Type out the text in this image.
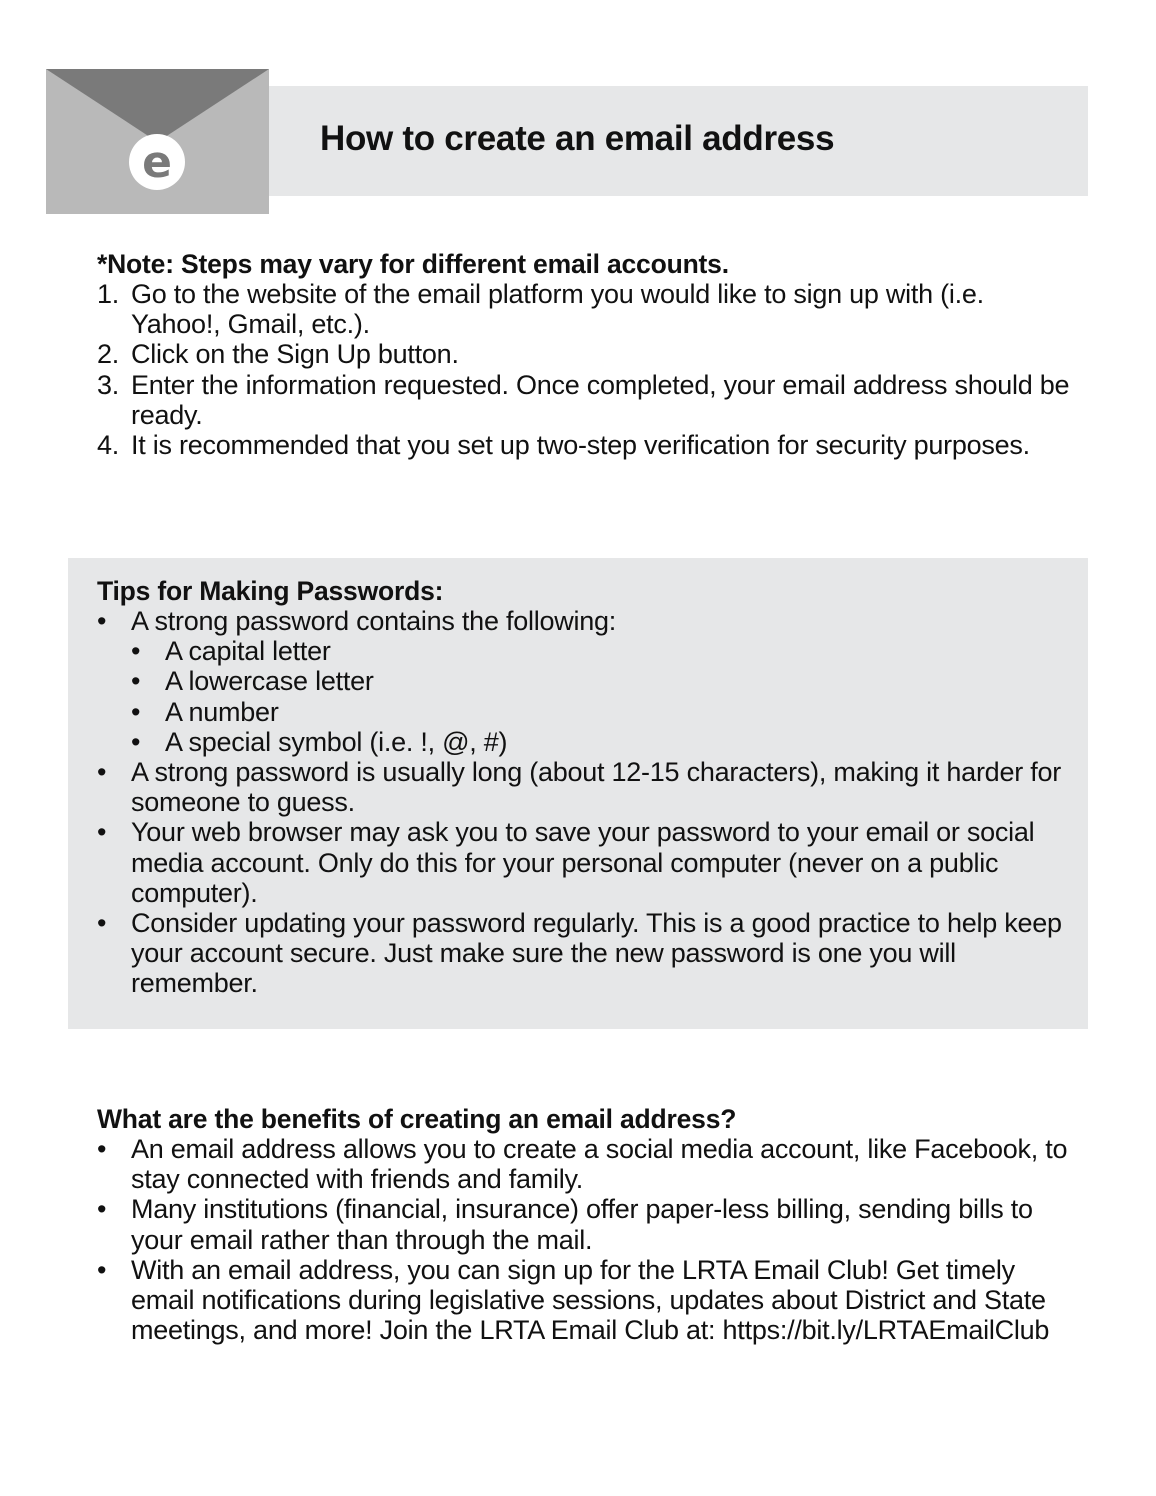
e	How to create an email address

*Note: Steps may vary for different email accounts.

1. Go to the website of the email platform you would like to sign up with (i.e. Yahoo!, Gmail, etc.).
2. Click on the Sign Up button.
3. Enter the information requested. Once completed, your email address should be ready.
4. It is recommended that you set up two-step verification for security purposes.

Tips for Making Passwords:

• A strong password contains the following:
• A capital letter
• A lowercase letter
• A number
• A special symbol (i.e. !, @, #)
• A strong password is usually long (about 12-15 characters), making it harder for someone to guess.
• Your web browser may ask you to save your password to your email or social media account. Only do this for your personal computer (never on a public computer).
• Consider updating your password regularly. This is a good practice to help keep your account secure. Just make sure the new password is one you will remember.

What are the benefits of creating an email address?

• An email address allows you to create a social media account, like Facebook, to stay connected with friends and family.
• Many institutions (financial, insurance) offer paper-less billing, sending bills to your email rather than through the mail.
• With an email address, you can sign up for the LRTA Email Club! Get timely email notifications during legislative sessions, updates about District and State meetings, and more! Join the LRTA Email Club at: https://bit.ly/LRTAEmailClub
